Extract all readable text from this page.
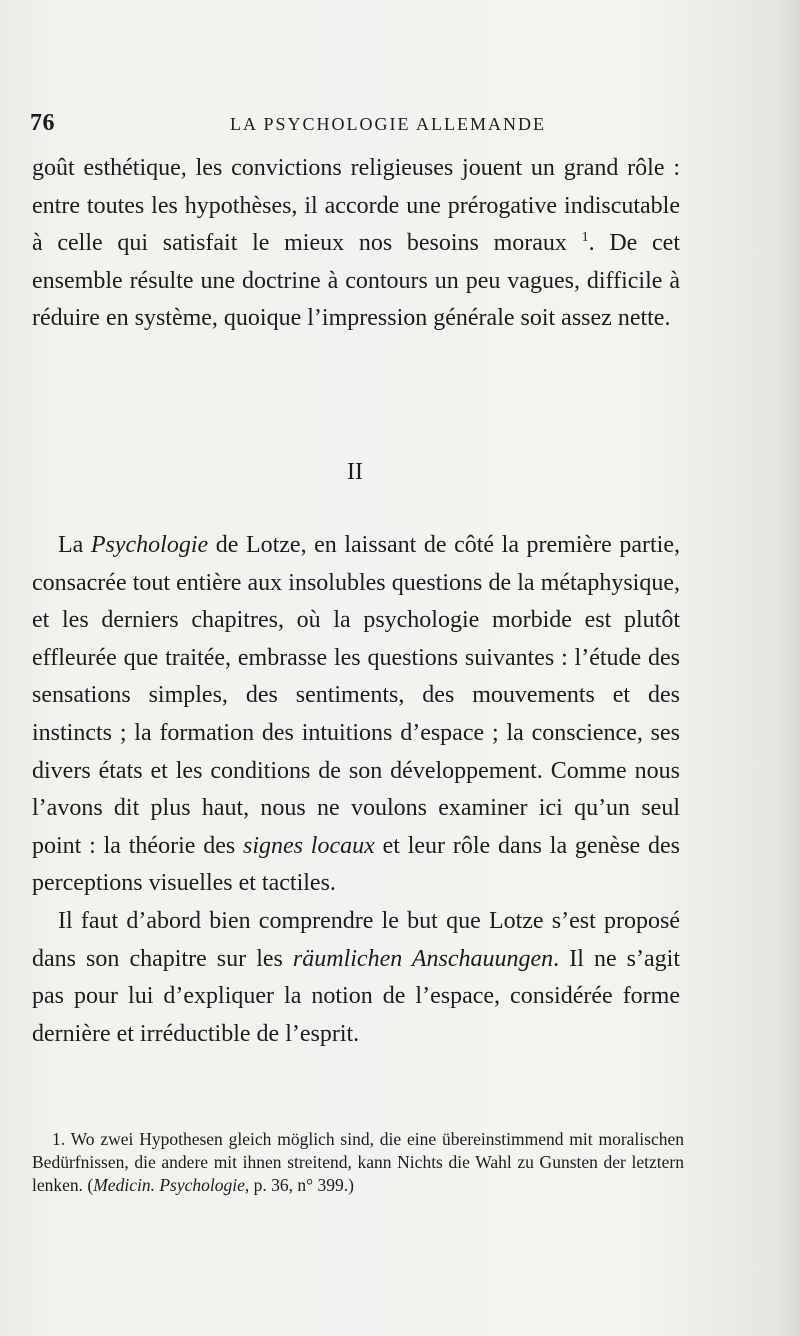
76	LA PSYCHOLOGIE ALLEMANDE

goût esthétique, les convictions religieuses jouent un grand rôle : entre toutes les hypothèses, il accorde une prérogative indiscutable à celle qui satisfait le mieux nos besoins moraux $^1$. De cet ensemble résulte une doctrine à contours un peu vagues, difficile à réduire en système, quoique l’impression générale soit assez nette.

II

La Psychologie de Lotze, en laissant de côté la première partie, consacrée tout entière aux insolubles questions de la métaphysique, et les derniers chapitres, où la psychologie morbide est plutôt effleurée que traitée, embrasse les questions suivantes : l’étude des sensations simples, des sentiments, des mouvements et des instincts ; la formation des intuitions d’espace ; la conscience, ses divers états et les conditions de son développement. Comme nous l’avons dit plus haut, nous ne voulons examiner ici qu’un seul point : la théorie des signes locaux et leur rôle dans la genèse des perceptions visuelles et tactiles.

Il faut d’abord bien comprendre le but que Lotze s’est proposé dans son chapitre sur les räumlichen Anschauungen. Il ne s’agit pas pour lui d’expliquer la notion de l’espace, considérée forme dernière et irréductible de l’esprit.

1. Wo zwei Hypothesen gleich möglich sind, die eine übereinstimmend mit moralischen Bedürfnissen, die andere mit ihnen streitend, kann Nichts die Wahl zu Gunsten der letztern lenken. (Medicin. Psychologie, p. 36, n° 399.)
